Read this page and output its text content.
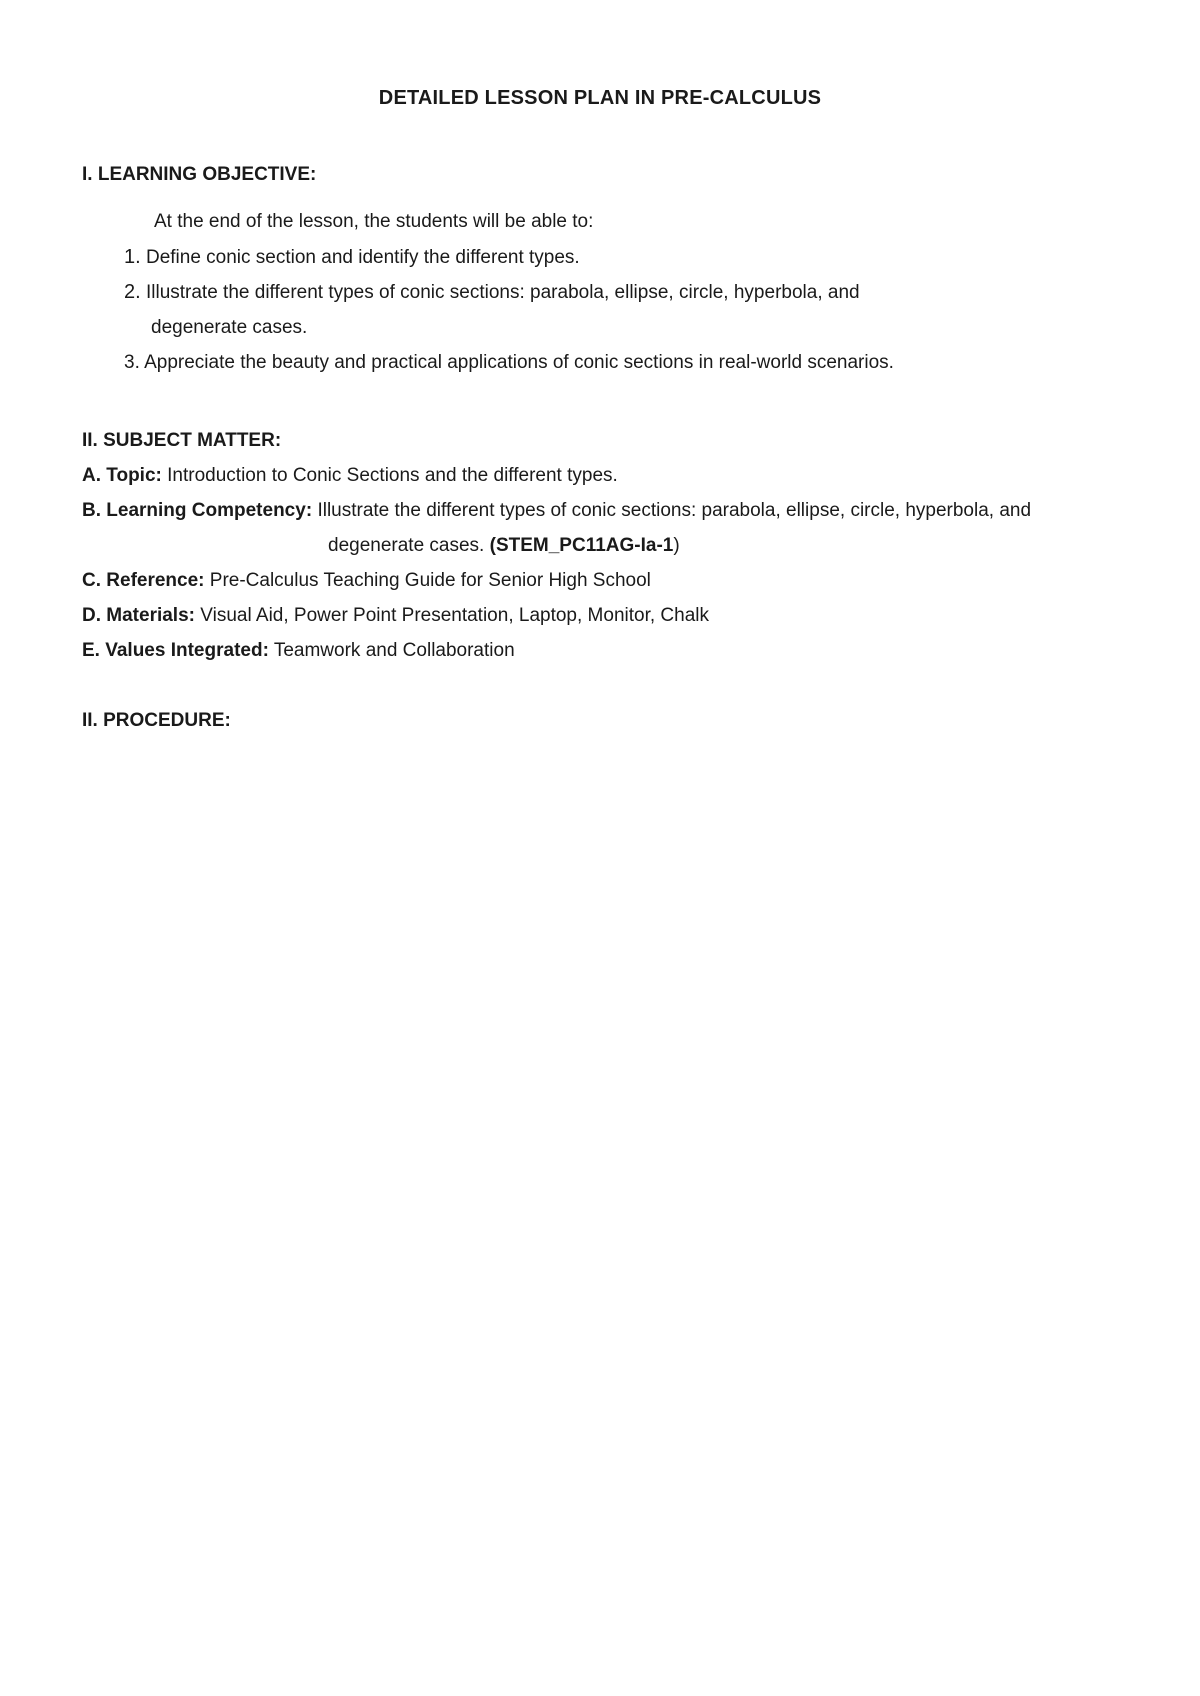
DETAILED LESSON PLAN IN PRE-CALCULUS
I. LEARNING OBJECTIVE:
At the end of the lesson, the students will be able to:
1. Define conic section and identify the different types.
2. Illustrate the different types of conic sections: parabola, ellipse, circle, hyperbola, and
degenerate cases.
3. Appreciate the beauty and practical applications of conic sections in real-world scenarios.
II. SUBJECT MATTER:
A. Topic: Introduction to Conic Sections and the different types.
B. Learning Competency: Illustrate the different types of conic sections: parabola, ellipse, circle, hyperbola, and
degenerate cases. (STEM_PC11AG-Ia-1)
C. Reference: Pre-Calculus Teaching Guide for Senior High School
D. Materials: Visual Aid, Power Point Presentation, Laptop, Monitor, Chalk
E. Values Integrated: Teamwork and Collaboration
II. PROCEDURE:
